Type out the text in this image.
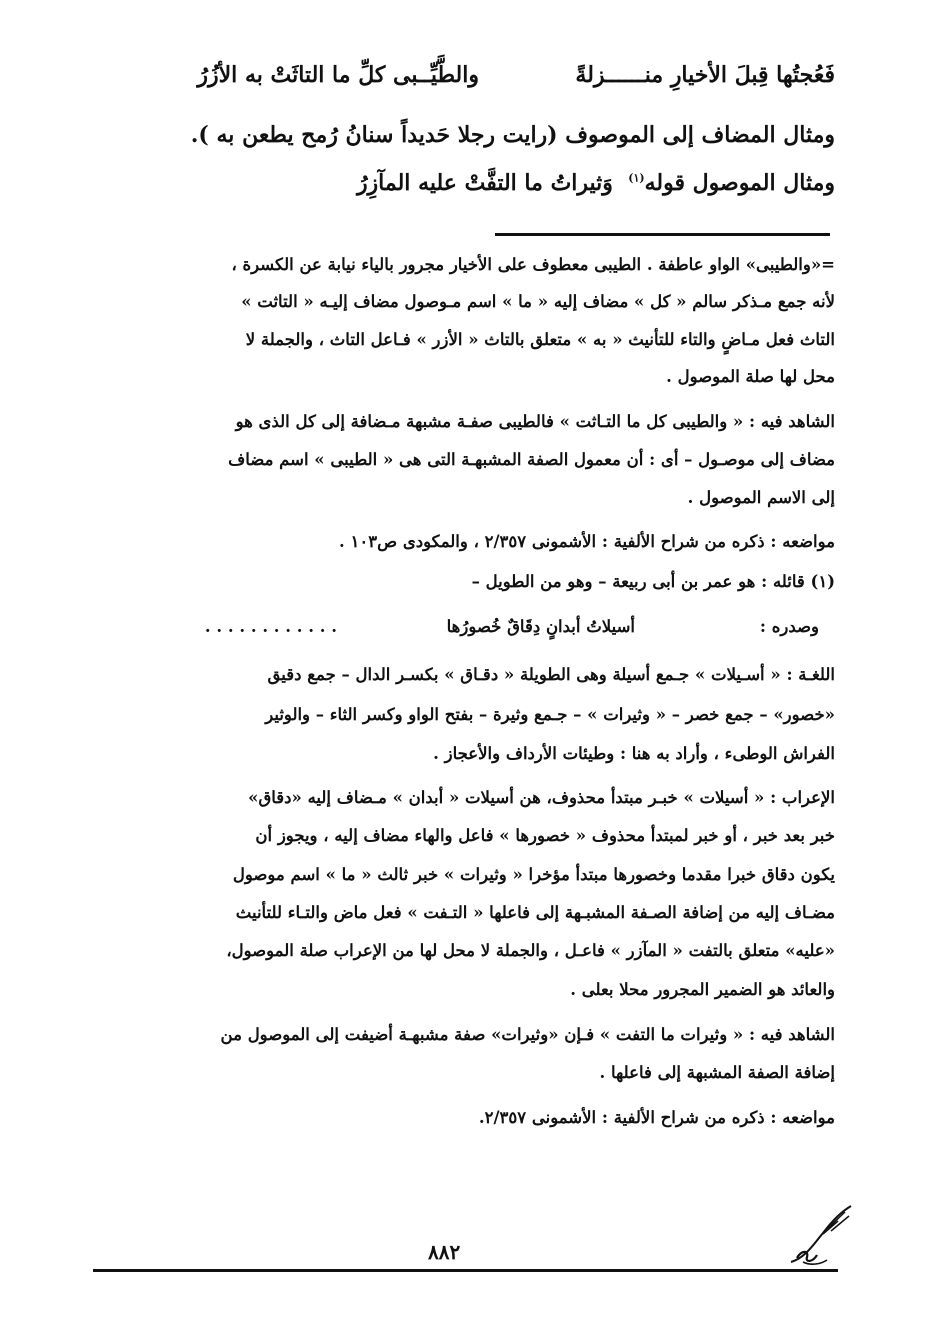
فَعُجتُها قِبلَ الأخيارِ منــــــزلةً
والطَّيِّــبى كلِّ ما التاثَتْ به الأزُرُ
ومثال المضاف إلى الموصوف (رايت رجلا حَديداً سنانُ رُمح يطعن به ).
ومثال الموصول قوله$^{(١)}$  وَثيراتُ ما التفَّتْ عليه المآزِرُ
=«والطيبى» الواو عاطفة . الطيبى معطوف على الأخيار مجرور بالياء نيابة عن الكسرة ،
لأنه جمع مـذكر سالم « كل » مضاف إليه « ما » اسم مـوصول مضاف إليـه « التاثت »
التاث فعل مـاضٍ والتاء للتأنيث « به » متعلق بالتاث « الأزر » فـاعل التاث ، والجملة لا
محل لها صلة الموصول .
الشاهد فيه : « والطيبى كل ما التـاثت » فالطيبى صفـة مشبهة مـضافة إلى كل الذى هو
مضاف إلى موصـول – أى : أن معمول الصفة المشبهـة التى هى « الطيبى » اسم مضاف
إلى الاسم الموصول .
مواضعه : ذكره من شراح الألفية : الأشمونى ٢/٣٥٧ ، والمكودى ص١٠٣ .
(١) قائله : هو عمر بن أبى ربيعة – وهو من الطويل –
وصدره :
أسيلاتُ أبدانٍ دِقَاقٌ خُصورُها
. . . . . . . . . . . .
اللغـة : « أسـيلات » جـمع أسيلة وهى الطويلة « دقـاق » بكسـر الدال – جمع دقيق
«خصور» – جمع خصر – « وثيرات » – جـمع وثيرة – بفتح الواو وكسر الثاء – والوثير
الفراش الوطىء ، وأراد به هنا : وطيئات الأرداف والأعجاز .
الإعراب : « أسيلات » خبـر مبتدأ محذوف، هن أسيلات « أبدان » مـضاف إليه «دقاق»
خبر بعد خبر ، أو خبر لمبتدأ محذوف « خصورها » فاعل والهاء مضاف إليه ، ويجوز أن
يكون دقاق خبرا مقدما وخصورها مبتدأ مؤخرا « وثيرات » خبر ثالث « ما » اسم موصول
مضـاف إليه من إضافة الصـفة المشبـهة إلى فاعلها « التـفت » فعل ماض والتـاء للتأنيث
«عليه» متعلق بالتفت « المآزر » فاعـل ، والجملة لا محل لها من الإعراب صلة الموصول،
والعائد هو الضمير المجرور محلا بعلى .
الشاهد فيه : « وثيرات ما التفت » فـإن «وثيرات» صفة مشبهـة أضيفت إلى الموصول من
إضافة الصفة المشبهة إلى فاعلها .
مواضعه : ذكره من شراح الألفية : الأشمونى ٢/٣٥٧.
٨٨٢
